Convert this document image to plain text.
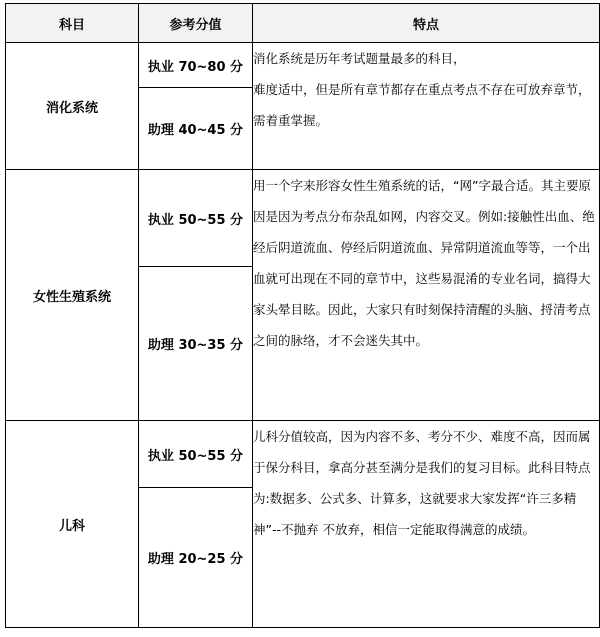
科目	参考分值	特点
消化系统	执业 70~80 分	消化系统是历年考试题量最多的科目，

难度适中，但是所有章节都存在重点考点不存在可放弃章节，需着重掌握。

	助理 40~45 分	
女性生殖系统	执业 50~55 分	用一个字来形容女性生殖系统的话，“网”字最合适。其主要原因是因为考点分布杂乱如网，内容交叉。例如:接触性出血、绝经后阴道流血、停经后阴道流血、异常阴道流血等等，一个出血就可出现在不同的章节中，这些易混淆的专业名词，搞得大家头晕目眩。因此，大家只有时刻保持清醒的头脑、捋清考点之间的脉络，才不会迷失其中。

	助理 30~35 分	
儿科	执业 50~55 分	儿科分值较高，因为内容不多、考分不少、难度不高，因而属于保分科目，拿高分甚至满分是我们的复习目标。此科目特点为:数据多、公式多、计算多，这就要求大家发挥“许三多精神”--不抛弃 不放弃，相信一定能取得满意的成绩。

	助理 20~25 分	
